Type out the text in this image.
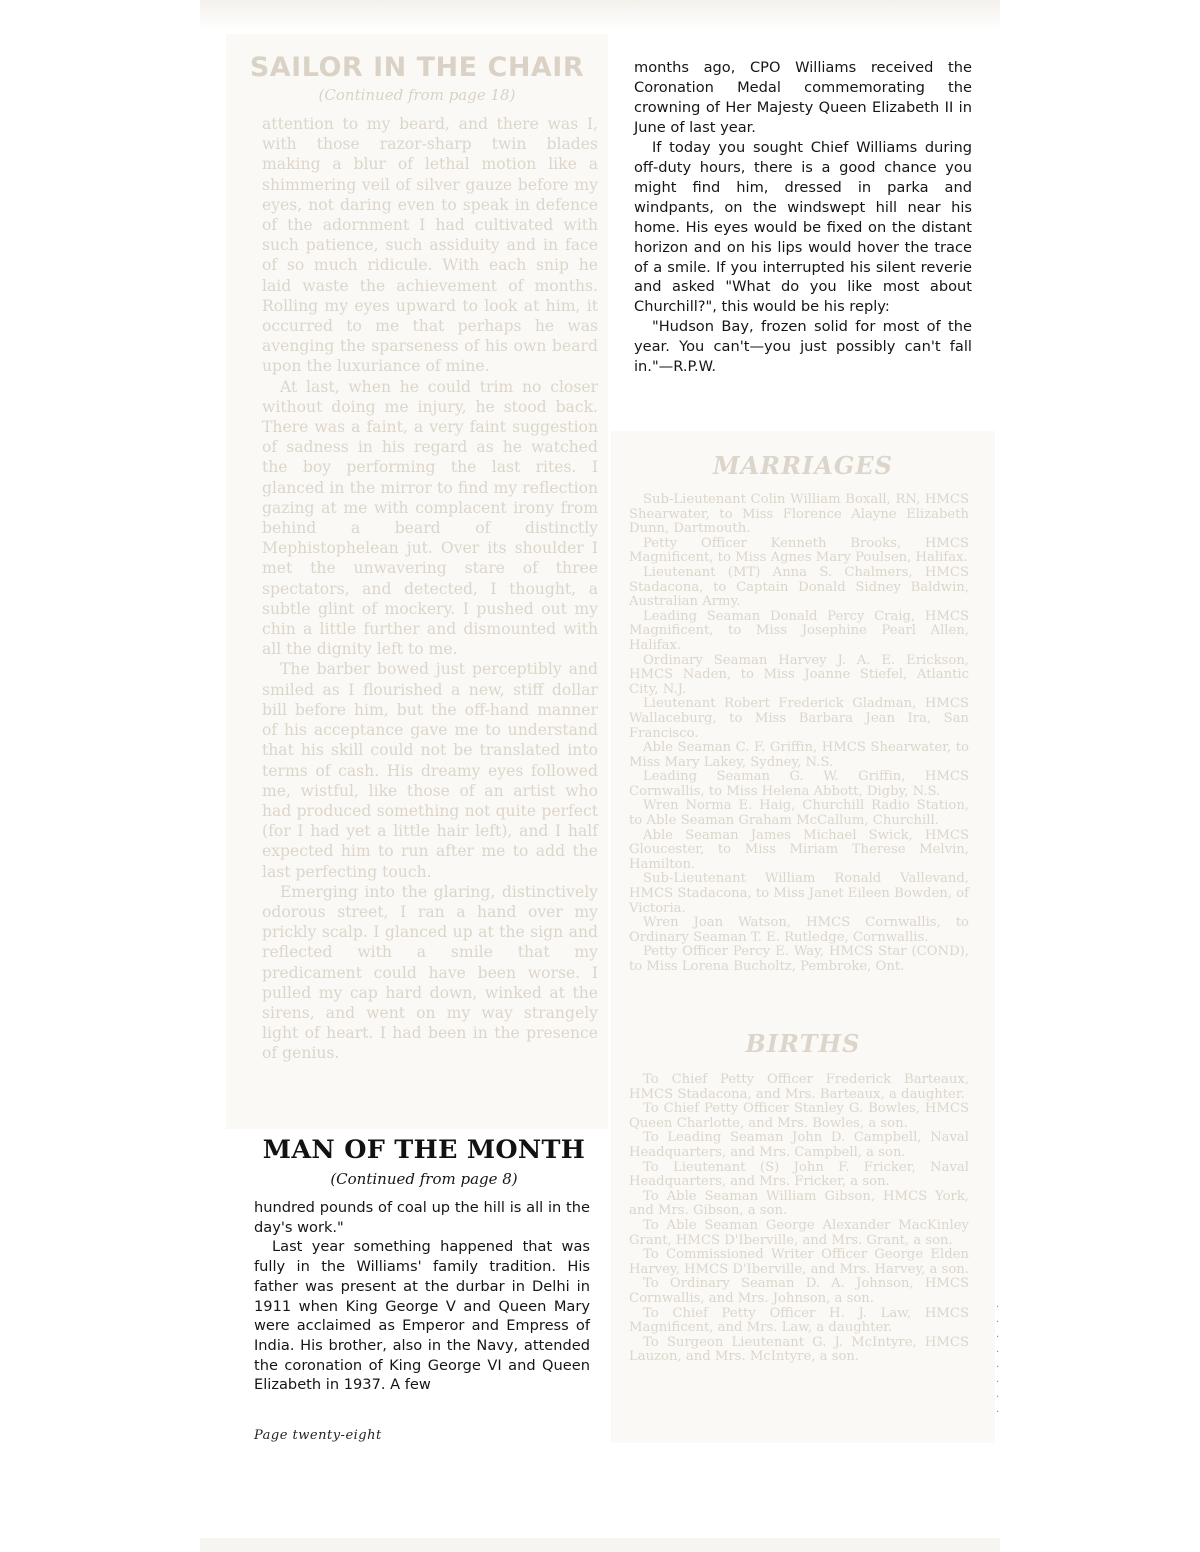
SAILOR IN THE CHAIR
(Continued from page 18)

attention to my beard, and there was I, with those razor-sharp twin blades making a blur of lethal motion like a shimmering veil of silver gauze before my eyes, not daring even to speak in defence of the adornment I had cultivated with such patience, such assiduity and in face of so much ridicule. With each snip he laid waste the achievement of months. Rolling my eyes upward to look at him, it occurred to me that perhaps he was avenging the sparseness of his own beard upon the luxuriance of mine.

At last, when he could trim no closer without doing me injury, he stood back. There was a faint, a very faint suggestion of sadness in his regard as he watched the boy performing the last rites. I glanced in the mirror to find my reflection gazing at me with complacent irony from behind a beard of distinctly Mephistophelean jut. Over its shoulder I met the unwavering stare of three spectators, and detected, I thought, a subtle glint of mockery. I pushed out my chin a little further and dismounted with all the dignity left to me.

The barber bowed just perceptibly and smiled as I flourished a new, stiff dollar bill before him, but the off-hand manner of his acceptance gave me to understand that his skill could not be translated into terms of cash. His dreamy eyes followed me, wistful, like those of an artist who had produced something not quite perfect (for I had yet a little hair left), and I half expected him to run after me to add the last perfecting touch.

Emerging into the glaring, distinctively odorous street, I ran a hand over my prickly scalp. I glanced up at the sign and reflected with a smile that my predicament could have been worse. I pulled my cap hard down, winked at the sirens, and went on my way strangely light of heart. I had been in the presence of genius.

MAN OF THE MONTH
(Continued from page 8)

hundred pounds of coal up the hill is all in the day's work."

Last year something happened that was fully in the Williams' family tradition. His father was present at the durbar in Delhi in 1911 when King George V and Queen Mary were acclaimed as Emperor and Empress of India. His brother, also in the Navy, attended the coronation of King George VI and Queen Elizabeth in 1937. A few

Page twenty-eight

months ago, CPO Williams received the Coronation Medal commemorating the crowning of Her Majesty Queen Elizabeth II in June of last year.

If today you sought Chief Williams during off-duty hours, there is a good chance you might find him, dressed in parka and windpants, on the windswept hill near his home. His eyes would be fixed on the distant horizon and on his lips would hover the trace of a smile. If you interrupted his silent reverie and asked "What do you like most about Churchill?", this would be his reply:

"Hudson Bay, frozen solid for most of the year. You can't—you just possibly can't fall in."—R.P.W.

MARRIAGES

Sub-Lieutenant Colin William Boxall, RN, HMCS Shearwater, to Miss Florence Alayne Elizabeth Dunn, Dartmouth.

Petty Officer Kenneth Brooks, HMCS Magnificent, to Miss Agnes Mary Poulsen, Halifax.

Lieutenant (MT) Anna S. Chalmers, HMCS Stadacona, to Captain Donald Sidney Baldwin, Australian Army.

Leading Seaman Donald Percy Craig, HMCS Magnificent, to Miss Josephine Pearl Allen, Halifax.

Ordinary Seaman Harvey J. A. E. Erickson, HMCS Naden, to Miss Joanne Stiefel, Atlantic City, N.J.

Lieutenant Robert Frederick Gladman, HMCS Wallaceburg, to Miss Barbara Jean Ira, San Francisco.

Able Seaman C. F. Griffin, HMCS Shearwater, to Miss Mary Lakey, Sydney, N.S.

Leading Seaman G. W. Griffin, HMCS Cornwallis, to Miss Helena Abbott, Digby, N.S.

Wren Norma E. Haig, Churchill Radio Station, to Able Seaman Graham McCallum, Churchill.

Able Seaman James Michael Swick, HMCS Gloucester, to Miss Miriam Therese Melvin, Hamilton.

Sub-Lieutenant William Ronald Vallevand, HMCS Stadacona, to Miss Janet Eileen Bowden, of Victoria.

Wren Joan Watson, HMCS Cornwallis, to Ordinary Seaman T. E. Rutledge, Cornwallis.

Petty Officer Percy E. Way, HMCS Star (COND), to Miss Lorena Bucholtz, Pembroke, Ont.

BIRTHS

To Chief Petty Officer Frederick Barteaux, HMCS Stadacona, and Mrs. Barteaux, a daughter.

To Chief Petty Officer Stanley G. Bowles, HMCS Queen Charlotte, and Mrs. Bowles, a son.

To Leading Seaman John D. Campbell, Naval Headquarters, and Mrs. Campbell, a son.

To Lieutenant (S) John F. Fricker, Naval Headquarters, and Mrs. Fricker, a son.

To Able Seaman William Gibson, HMCS York, and Mrs. Gibson, a son.

To Able Seaman George Alexander MacKinley Grant, HMCS D'Iberville, and Mrs. Grant, a son.

To Commissioned Writer Officer George Elden Harvey, HMCS D'Iberville, and Mrs. Harvey, a son.

To Ordinary Seaman D. A. Johnson, HMCS Cornwallis, and Mrs. Johnson, a son.

To Chief Petty Officer H. J. Law, HMCS Magnificent, and Mrs. Law, a daughter.

To Surgeon Lieutenant G. J. McIntyre, HMCS Lauzon, and Mrs. McIntyre, a son.

·
·
·
·
·
·
·
·
